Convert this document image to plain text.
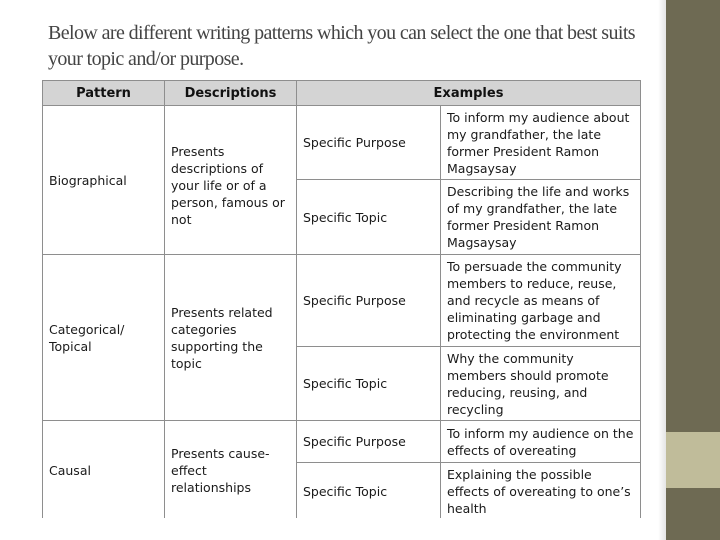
Below are different writing patterns which you can select the one that best suits your topic and/or purpose.
Pattern	Descriptions	Examples	
Biographical	Presents descriptions of your life or of a person, famous or not	Specific Purpose	To inform my audience about my grandfather, the late former President Ramon Magsaysay
		Specific Topic	Describing the life and works of my grandfather, the late former President Ramon Magsaysay
Categorical/ Topical	Presents related categories supporting the topic	Specific Purpose	To persuade the community members to reduce, reuse, and recycle as means of eliminating garbage and protecting the environment
		Specific Topic	Why the community members should promote reducing, reusing, and recycling
Causal	Presents cause-effect relationships	Specific Purpose	To inform my audience on the effects of overeating
		Specific Topic	Explaining the possible effects of overeating to one’s health
